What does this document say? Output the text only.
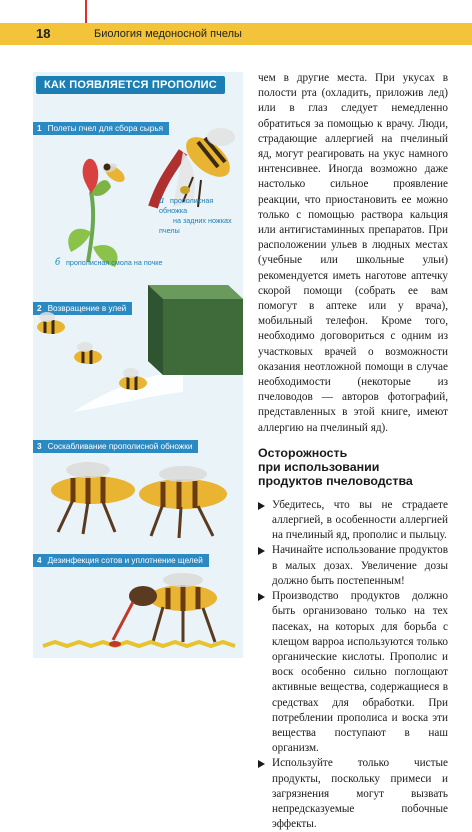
18	Биология медоносной пчелы
КАК ПОЯВЛЯЕТСЯ ПРОПОЛИС
1 Полеты пчел для сбора сырья
а прополисная обножка
на задних ножках пчелы
б прополисная смола на почке
2 Возвращение в улей
3 Соскабливание прополисной обножки
4 Дезинфекция сотов и уплотнение щелей

чем в другие места. При укусах в полости рта (охладить, приложив лед) или в глаз следует немедленно обратиться за помощью к врачу. Люди, страдающие аллергией на пчелиный яд, могут реагировать на укус намного интенсивнее. Иногда возможно даже настолько сильное проявление реакции, что приостановить ее можно только с помощью раствора кальция или антигистаминных препаратов. При расположении ульев в людных местах (учебные или школьные ульи) рекомендуется иметь наготове аптечку скорой помощи (собрать ее вам помогут в аптеке или у врача), мобильный телефон. Кроме того, необходимо договориться с одним из участковых врачей о возможности оказания неотложной помощи в случае необходимости (некоторые из пчеловодов — авторов фотографий, представленных в этой книге, имеют аллергию на пчелиный яд).

Осторожность
при использовании
продуктов пчеловодства
Убедитесь, что вы не страдаете аллергией, в особенности аллергией на пчелиный яд, прополис и пыльцу.
Начинайте использование продуктов в малых дозах. Увеличение дозы должно быть постепенным!
Производство продуктов должно быть организовано только на тех пасеках, на которых для борьба с клещом варроа используются только органические кислоты. Прополис и воск особенно сильно поглощают активные вещества, содержащиеся в средствах для обработки. При потреблении прополиса и воска эти вещества поступают в наш организм.
Используйте только чистые продукты, поскольку примеси и загрязнения могут вызвать непредсказуемые побочные эффекты.
